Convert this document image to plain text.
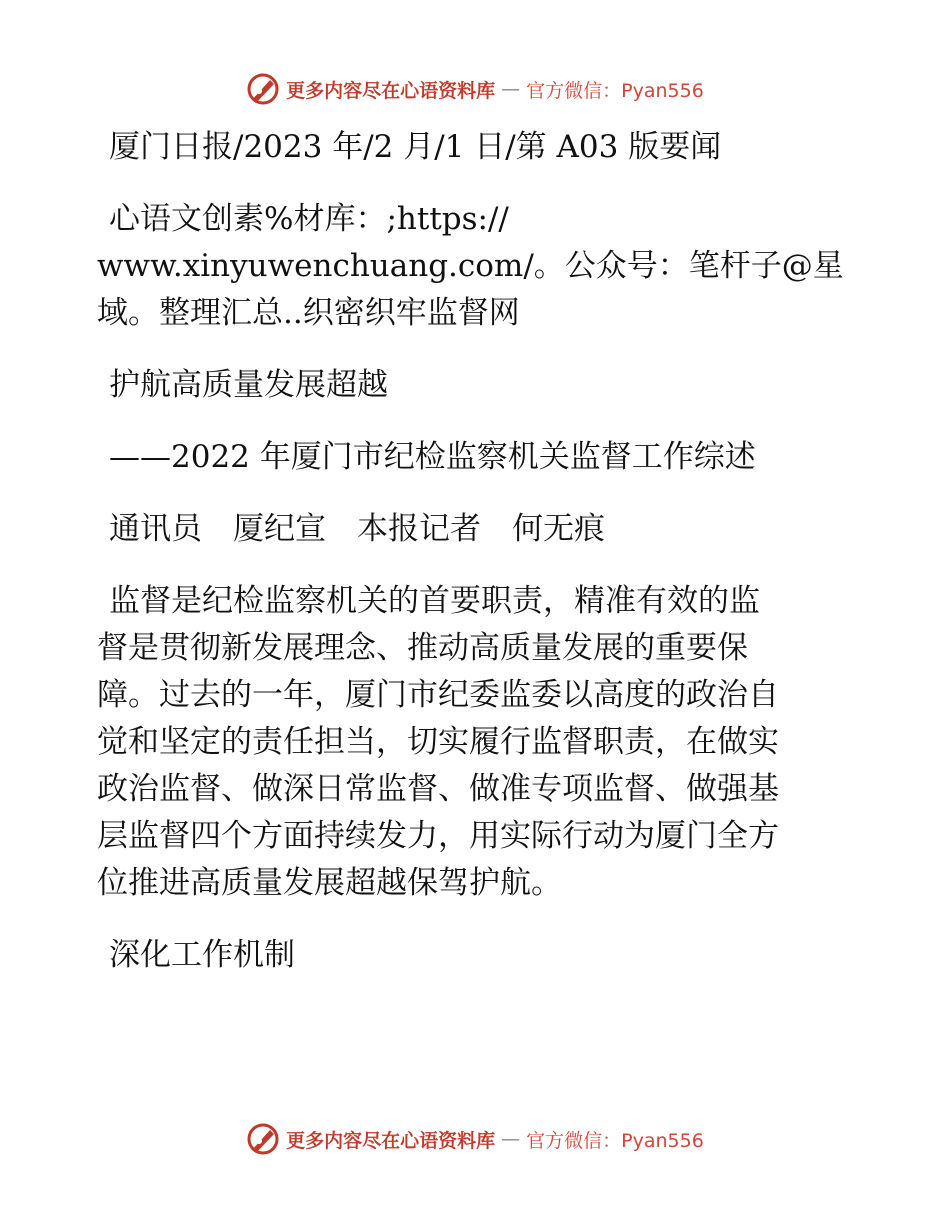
更多内容尽在心语资料库 — 官方微信：Pyan556

厦门日报/2023 年/2 月/1 日/第 A03 版要闻

心语文创素%材库：;https://

www.xinyuwenchuang.com/。公众号：笔杆子@星

域。整理汇总..织密织牢监督网

护航高质量发展超越

——2022 年厦门市纪检监察机关监督工作综述

通讯员　厦纪宣　本报记者　何无痕

监督是纪检监察机关的首要职责，精准有效的监

督是贯彻新发展理念、推动高质量发展的重要保

障。过去的一年，厦门市纪委监委以高度的政治自

觉和坚定的责任担当，切实履行监督职责，在做实

政治监督、做深日常监督、做准专项监督、做强基

层监督四个方面持续发力，用实际行动为厦门全方

位推进高质量发展超越保驾护航。

深化工作机制

更多内容尽在心语资料库 — 官方微信：Pyan556
